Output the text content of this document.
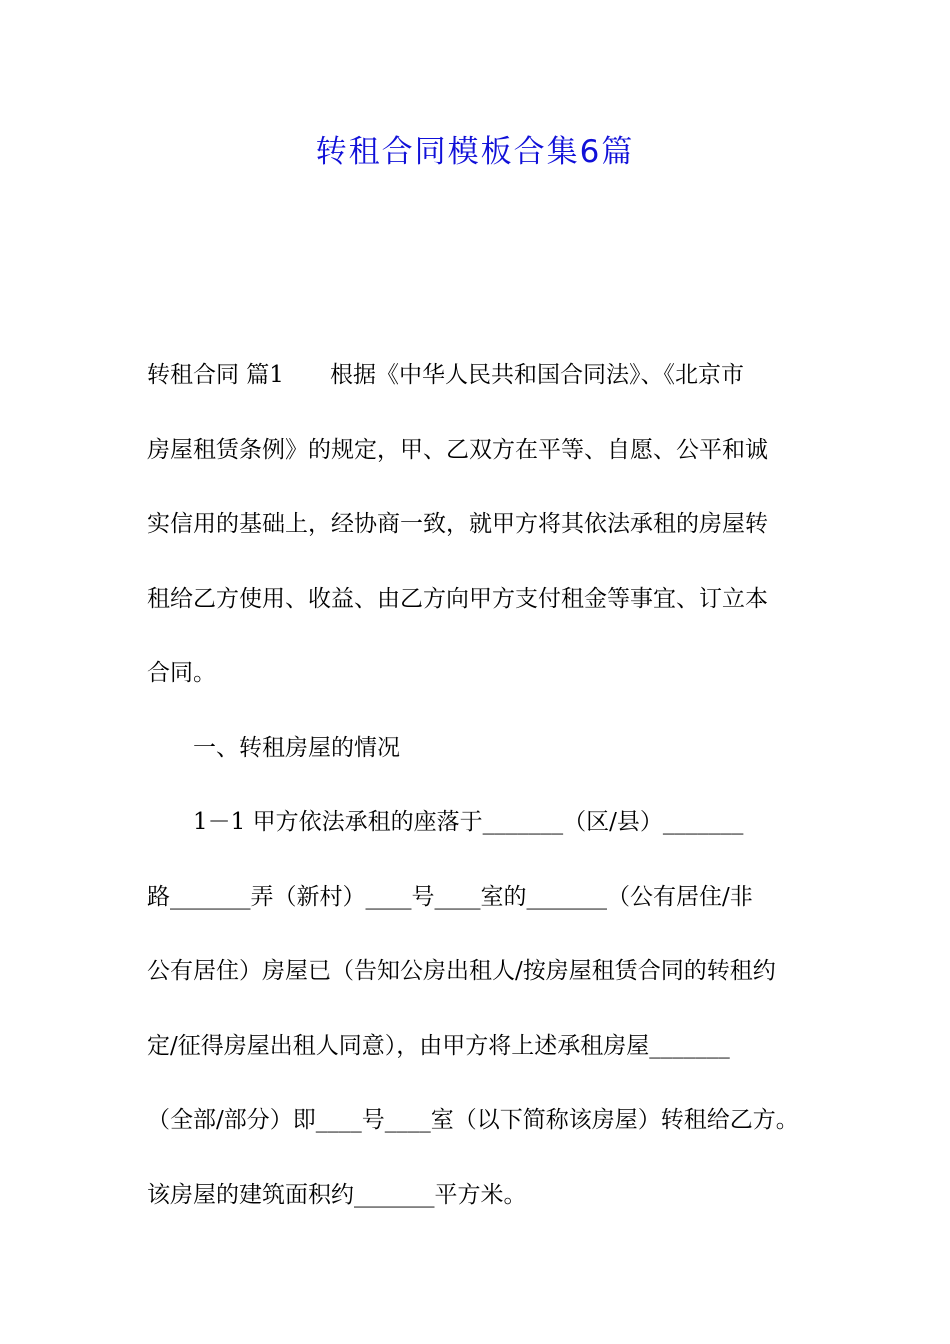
转租合同模板合集6篇
转租合同 篇1　　根据《中华人民共和国合同法》、《北京市
房屋租赁条例》的规定，甲、乙双方在平等、自愿、公平和诚
实信用的基础上，经协商一致，就甲方将其依法承租的房屋转
租给乙方使用、收益、由乙方向甲方支付租金等事宜、订立本
合同。
一、转租房屋的情况
1－1 甲方依法承租的座落于_______（区/县）_______
路_______弄（新村）____号____室的_______（公有居住/非
公有居住）房屋已（告知公房出租人/按房屋租赁合同的转租约
定/征得房屋出租人同意），由甲方将上述承租房屋_______
（全部/部分）即____号____室（以下简称该房屋）转租给乙方。
该房屋的建筑面积约_______平方米。
